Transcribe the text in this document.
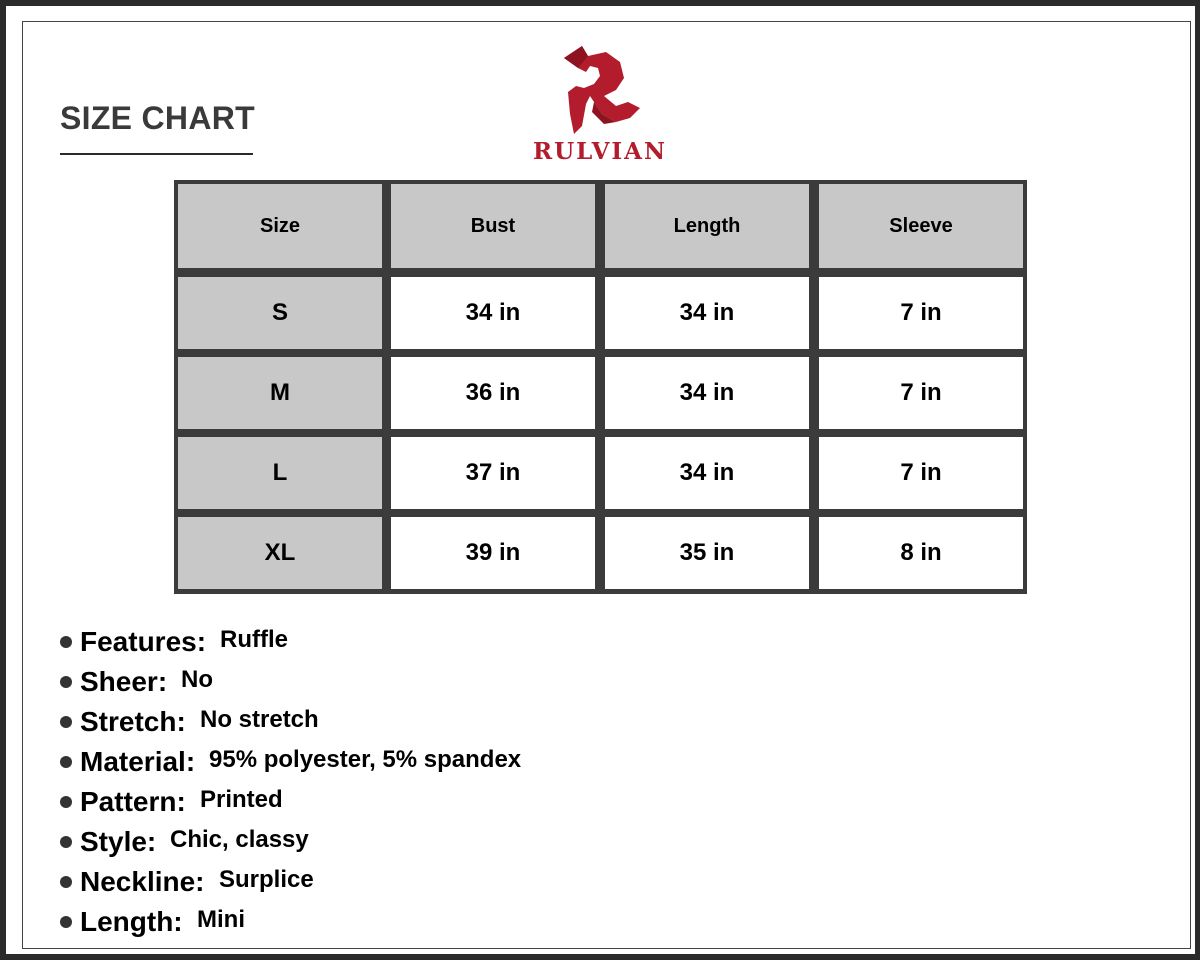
SIZE CHART
RULVIAN
Size	Bust	Length	Sleeve
S	34 in	34 in	7 in
M	36 in	34 in	7 in
L	37 in	34 in	7 in
XL	39 in	35 in	8 in
Features: Ruffle
Sheer: No
Stretch: No stretch
Material: 95% polyester, 5% spandex
Pattern: Printed
Style: Chic, classy
Neckline: Surplice
Length: Mini
